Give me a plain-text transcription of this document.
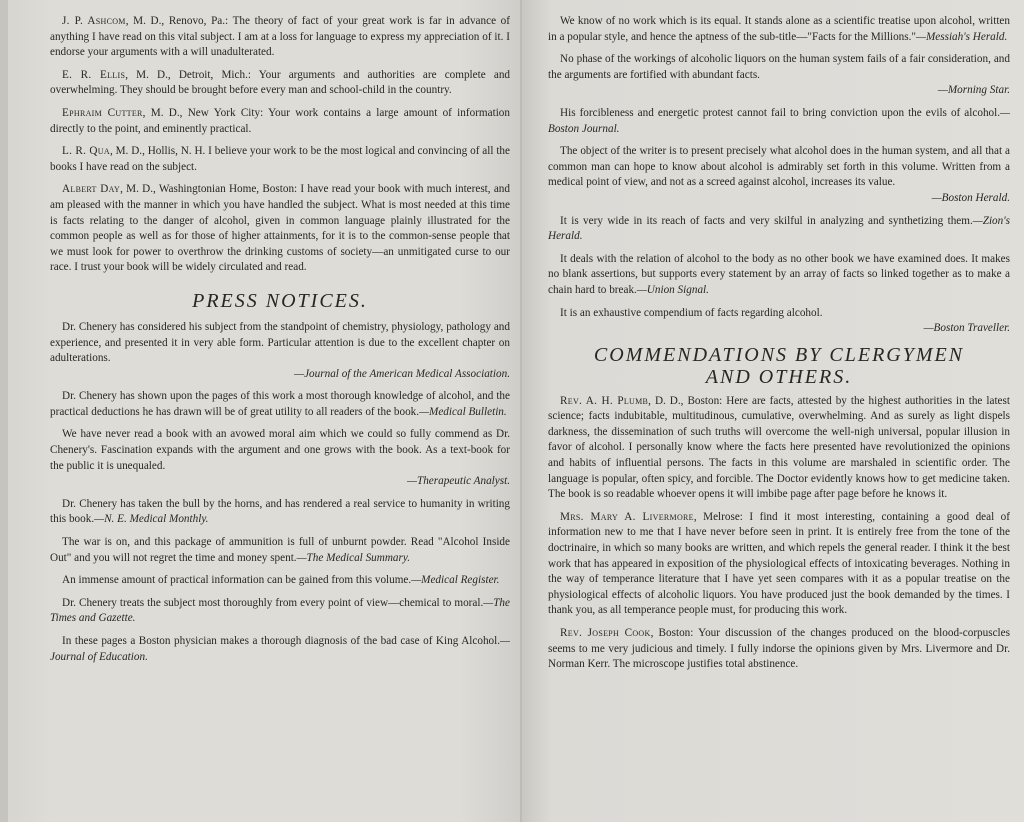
J. P. Ashcom, M. D., Renovo, Pa.: The theory of fact of your great work is far in advance of anything I have read on this vital subject. I am at a loss for language to express my appreciation of it. I endorse your arguments with a will unadulterated.

E. R. Ellis, M. D., Detroit, Mich.: Your arguments and authorities are complete and overwhelming. They should be brought before every man and school-child in the country.

Ephraim Cutter, M. D., New York City: Your work contains a large amount of information directly to the point, and eminently practical.

L. R. Qua, M. D., Hollis, N. H. I believe your work to be the most logical and convincing of all the books I have read on the subject.

Albert Day, M. D., Washingtonian Home, Boston: I have read your book with much interest, and am pleased with the manner in which you have handled the subject. What is most needed at this time is facts relating to the danger of alcohol, given in common language plainly illustrated for the common people as well as for those of higher attainments, for it is to the common-sense people that we must look for power to overthrow the drinking customs of society—an unmitigated curse to our race. I trust your book will be widely circulated and read.

PRESS NOTICES.

Dr. Chenery has considered his subject from the standpoint of chemistry, physiology, pathology and experience, and presented it in very able form. Particular attention is due to the excellent chapter on adulterations.
—Journal of the American Medical Association.

Dr. Chenery has shown upon the pages of this work a most thorough knowledge of alcohol, and the practical deductions he has drawn will be of great utility to all readers of the book.—Medical Bulletin.

We have never read a book with an avowed moral aim which we could so fully commend as Dr. Chenery's. Fascination expands with the argument and one grows with the book. As a text-book for the public it is unequaled.
—Therapeutic Analyst.

Dr. Chenery has taken the bull by the horns, and has rendered a real service to humanity in writing this book.—N. E. Medical Monthly.

The war is on, and this package of ammunition is full of unburnt powder. Read "Alcohol Inside Out" and you will not regret the time and money spent.—The Medical Summary.

An immense amount of practical information can be gained from this volume.—Medical Register.

Dr. Chenery treats the subject most thoroughly from every point of view—chemical to moral.—The Times and Gazette.

In these pages a Boston physician makes a thorough diagnosis of the bad case of King Alcohol.—Journal of Education.

We know of no work which is its equal. It stands alone as a scientific treatise upon alcohol, written in a popular style, and hence the aptness of the sub-title—"Facts for the Millions."—Messiah's Herald.

No phase of the workings of alcoholic liquors on the human system fails of a fair consideration, and the arguments are fortified with abundant facts.
—Morning Star.

His forcibleness and energetic protest cannot fail to bring conviction upon the evils of alcohol.—Boston Journal.

The object of the writer is to present precisely what alcohol does in the human system, and all that a common man can hope to know about alcohol is admirably set forth in this volume. Written from a medical point of view, and not as a screed against alcohol, increases its value.
—Boston Herald.

It is very wide in its reach of facts and very skilful in analyzing and synthetizing them.—Zion's Herald.

It deals with the relation of alcohol to the body as no other book we have examined does. It makes no blank assertions, but supports every statement by an array of facts so linked together as to make a chain hard to break.—Union Signal.

It is an exhaustive compendium of facts regarding alcohol.
—Boston Traveller.

COMMENDATIONS BY CLERGYMEN
AND OTHERS.

Rev. A. H. Plumb, D. D., Boston: Here are facts, attested by the highest authorities in the latest science; facts indubitable, multitudinous, cumulative, overwhelming. And as surely as light dispels darkness, the dissemination of such truths will overcome the well-nigh universal, popular illusion in favor of alcohol. I personally know where the facts here presented have revolutionized the opinions and habits of influential persons. The facts in this volume are marshaled in scientific order. The language is popular, often spicy, and forcible. The Doctor evidently knows how to get medicine taken. The book is so readable whoever opens it will imbibe page after page before he knows it.

Mrs. Mary A. Livermore, Melrose: I find it most interesting, containing a good deal of information new to me that I have never before seen in print. It is entirely free from the tone of the doctrinaire, in which so many books are written, and which repels the general reader. I think it the best work that has appeared in exposition of the physiological effects of intoxicating beverages. Nothing in the way of temperance literature that I have yet seen compares with it as a popular treatise on the physiological effects of alcoholic liquors. You have produced just the book demanded by the times. I thank you, as all temperance people must, for producing this work.

Rev. Joseph Cook, Boston: Your discussion of the changes produced on the blood-corpuscles seems to me very judicious and timely. I fully indorse the opinions given by Mrs. Livermore and Dr. Norman Kerr. The microscope justifies total abstinence.
